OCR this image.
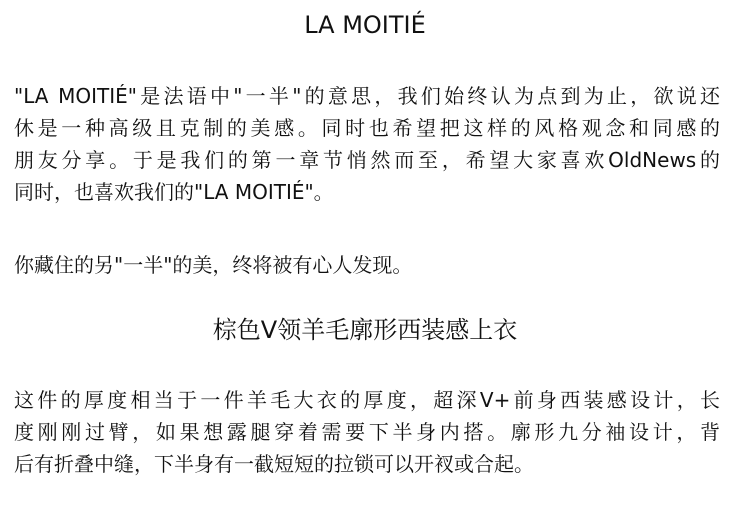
LA MOITIÉ

"LA MOITIÉ"是法语中"一半"的意思，我们始终认为点到为止，欲说还
休是一种高级且克制的美感。同时也希望把这样的风格观念和同感的
朋友分享。于是我们的第一章节悄然而至，希望大家喜欢OldNews的
同时，也喜欢我们的"LA MOITIÉ"。

你藏住的另"一半"的美，终将被有心人发现。

棕色V领羊毛廓形西装感上衣

这件的厚度相当于一件羊毛大衣的厚度，超深V+前身西装感设计，长
度刚刚过臂，如果想露腿穿着需要下半身内搭。廓形九分袖设计，背
后有折叠中缝，下半身有一截短短的拉锁可以开衩或合起。
